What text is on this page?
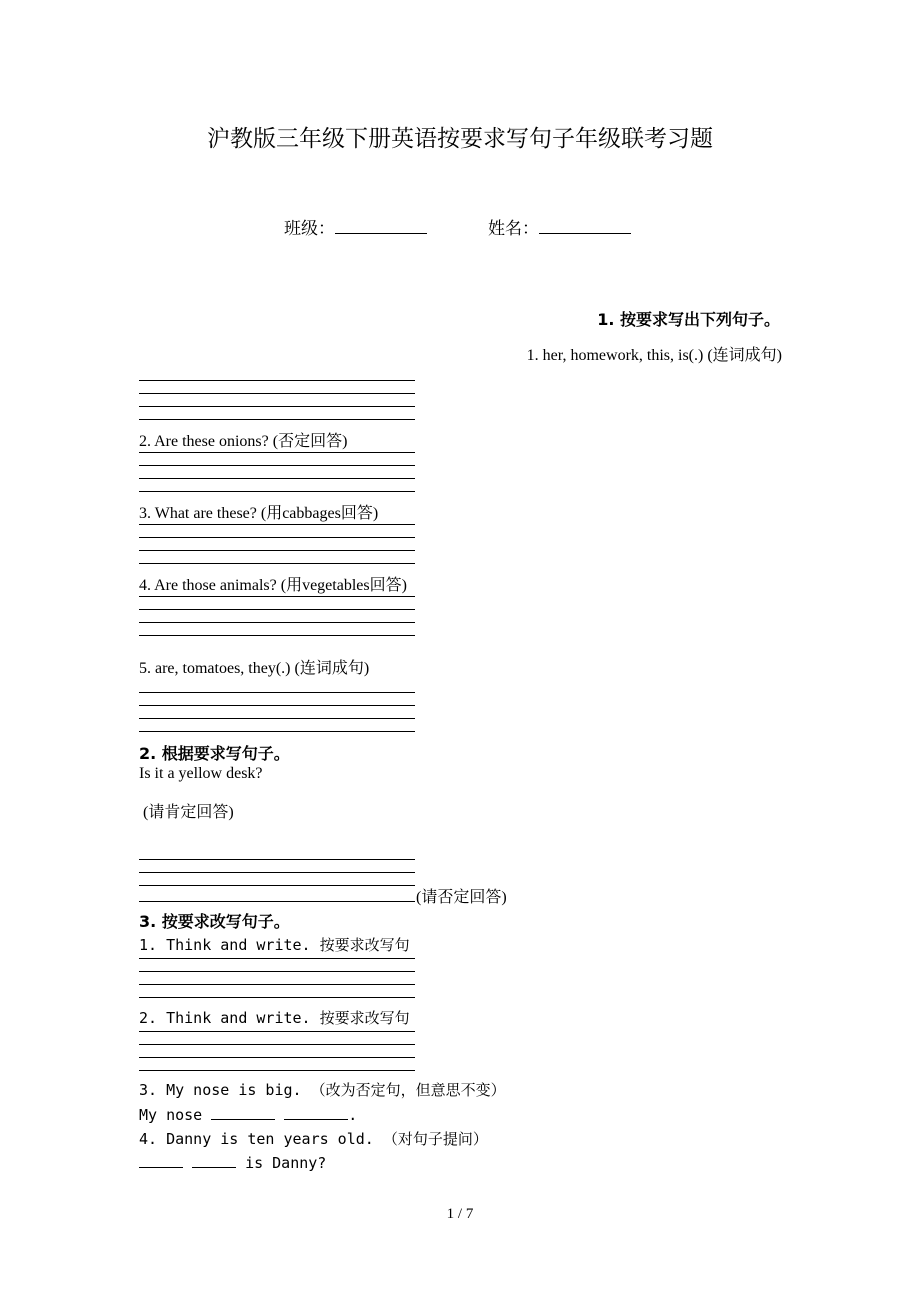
沪教版三年级下册英语按要求写句子年级联考习题
班级：	姓名：
1. 按要求写出下列句子。
1. her, homework, this, is(.) (连词成句)
2. Are these onions? (否定回答)
3. What are these? (用cabbages回答)
4. Are those animals? (用vegetables回答)
5. are, tomatoes, they(.) (连词成句)
2. 根据要求写句子。
Is it a yellow desk?
(请肯定回答)
(请否定回答)
3. 按要求改写句子。
1. Think and write. 按要求改写句
2. Think and write. 按要求改写句
3. My nose is big. （改为否定句，但意思不变）
My nose	.
4. Danny is ten years old. （对句子提问）
is Danny?
1 / 7
